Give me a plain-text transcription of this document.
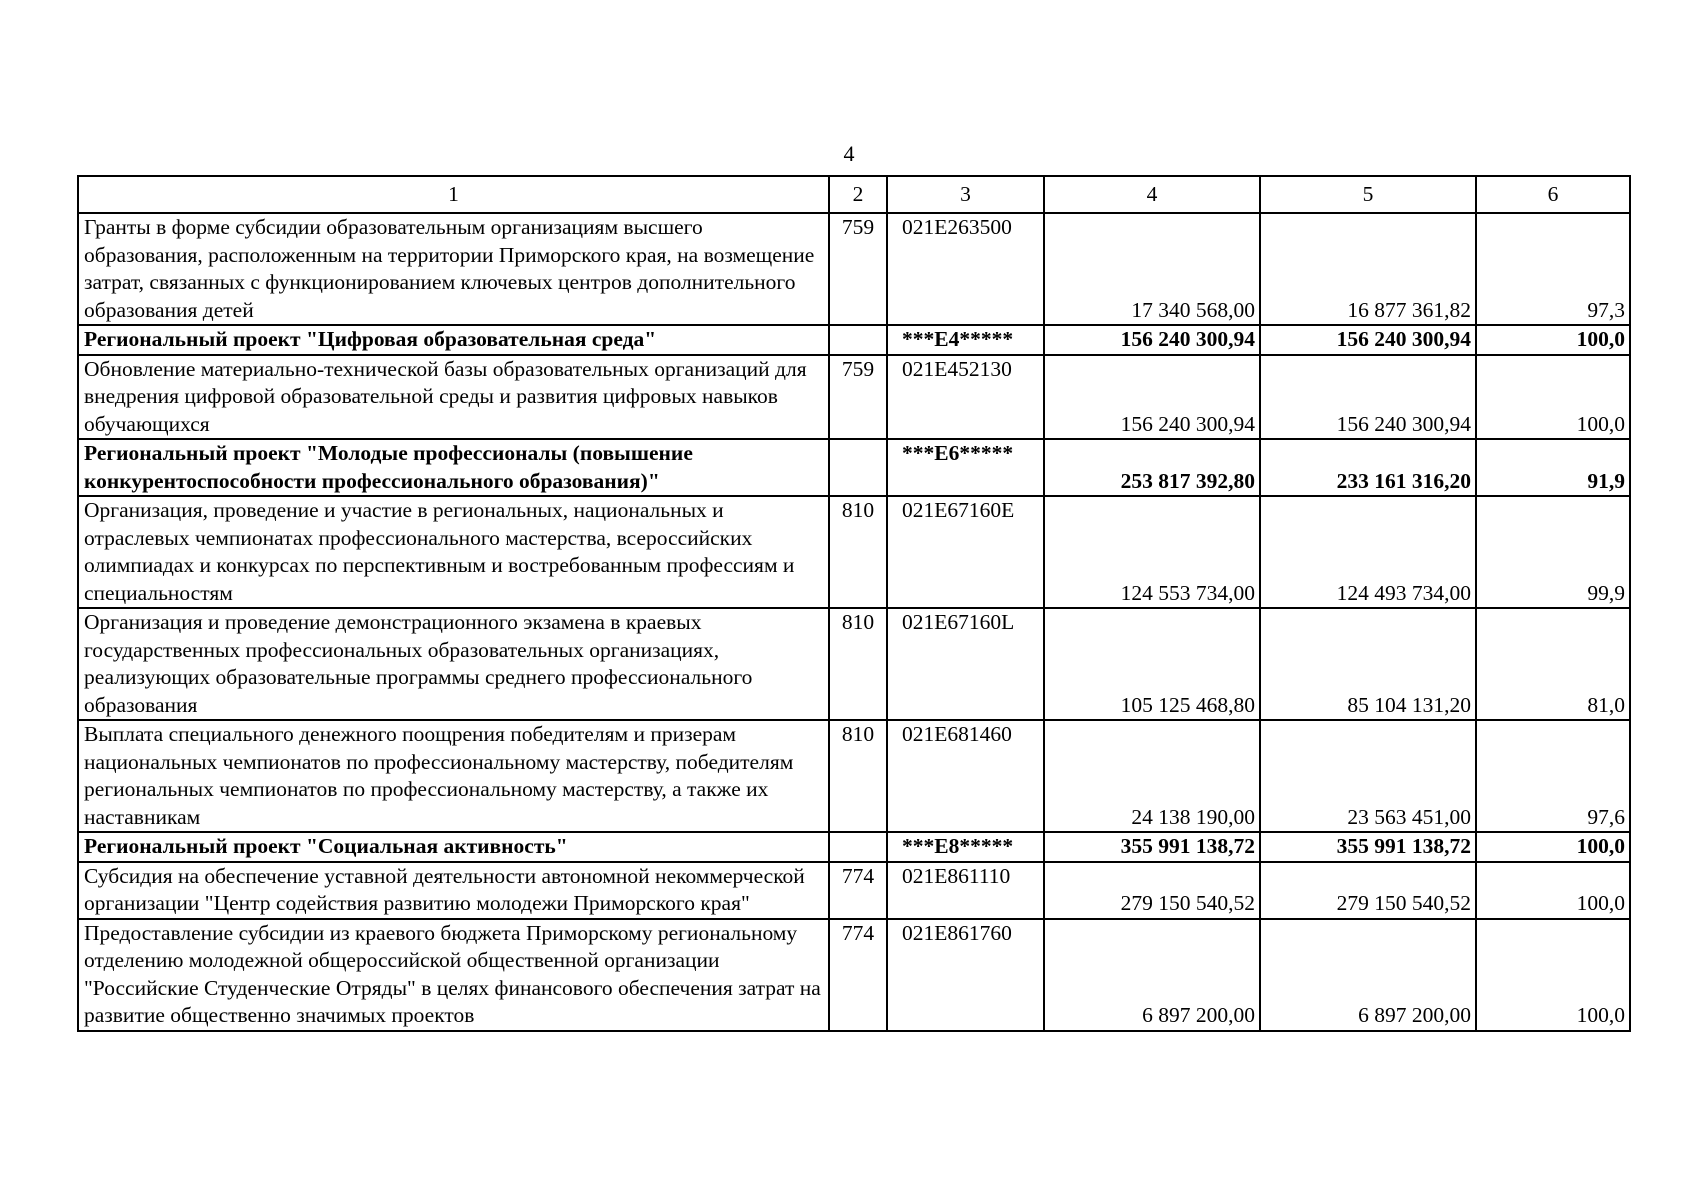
4
1	2	3	4	5	6
Гранты в форме субсидии образовательным организациям высшего образования, расположенным на территории Приморского края, на возмещение затрат, связанных с функционированием ключевых центров дополнительного образования детей	759	021E263500	17 340 568,00	16 877 361,82	97,3
Региональный проект "Цифровая образовательная среда"		***E4*****	156 240 300,94	156 240 300,94	100,0
Обновление материально-технической базы образовательных организаций для внедрения цифровой образовательной среды и развития цифровых навыков обучающихся	759	021E452130	156 240 300,94	156 240 300,94	100,0
Региональный проект "Молодые профессионалы (повышение конкурентоспособности профессионального образования)"		***E6*****	253 817 392,80	233 161 316,20	91,9
Организация, проведение и участие в региональных, национальных и отраслевых чемпионатах профессионального мастерства, всероссийских олимпиадах и конкурсах по перспективным и востребованным профессиям и специальностям	810	021E67160E	124 553 734,00	124 493 734,00	99,9
Организация и проведение демонстрационного экзамена в краевых государственных профессиональных образовательных организациях, реализующих образовательные программы среднего профессионального образования	810	021E67160L	105 125 468,80	85 104 131,20	81,0
Выплата специального денежного поощрения победителям и призерам национальных чемпионатов по профессиональному мастерству, победителям региональных чемпионатов по профессиональному мастерству, а также их наставникам	810	021E681460	24 138 190,00	23 563 451,00	97,6
Региональный проект "Социальная активность"		***E8*****	355 991 138,72	355 991 138,72	100,0
Субсидия на обеспечение уставной деятельности автономной некоммерческой организации "Центр содействия развитию молодежи Приморского края"	774	021E861110	279 150 540,52	279 150 540,52	100,0
Предоставление субсидии из краевого бюджета Приморскому региональному отделению молодежной общероссийской общественной организации "Российские Студенческие Отряды" в целях финансового обеспечения затрат на развитие общественно значимых проектов	774	021E861760	6 897 200,00	6 897 200,00	100,0
